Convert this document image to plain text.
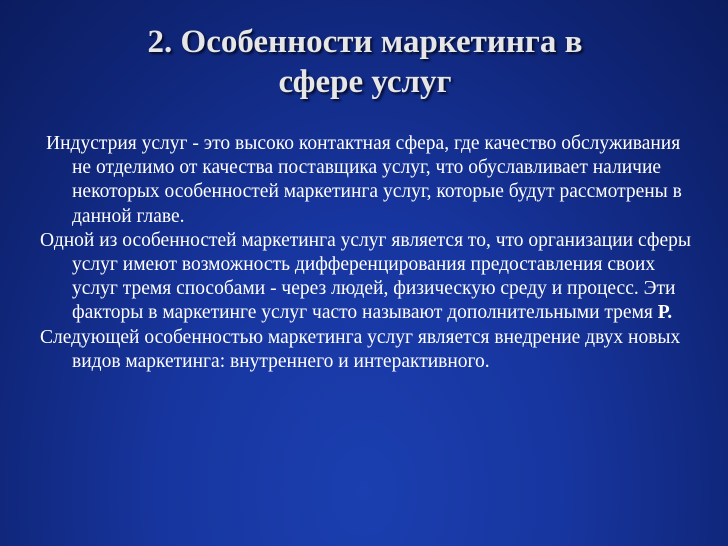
2. Особенности маркетинга в
сфере услуг

Индустрия услуг - это высоко контактная сфера, где качество обслуживания не отделимо от качества поставщика услуг, что обуславливает наличие некоторых особенностей маркетинга услуг, которые будут рассмотрены в данной главе.

Одной из особенностей маркетинга услуг является то, что организации сферы услуг имеют возможность дифференцирования предоставления своих услуг тремя способами - через людей, физическую среду и процесс. Эти факторы в маркетинге услуг часто называют дополнительными тремя Р.

Следующей особенностью маркетинга услуг является внедрение двух новых видов маркетинга: внутреннего и интерактивного.
